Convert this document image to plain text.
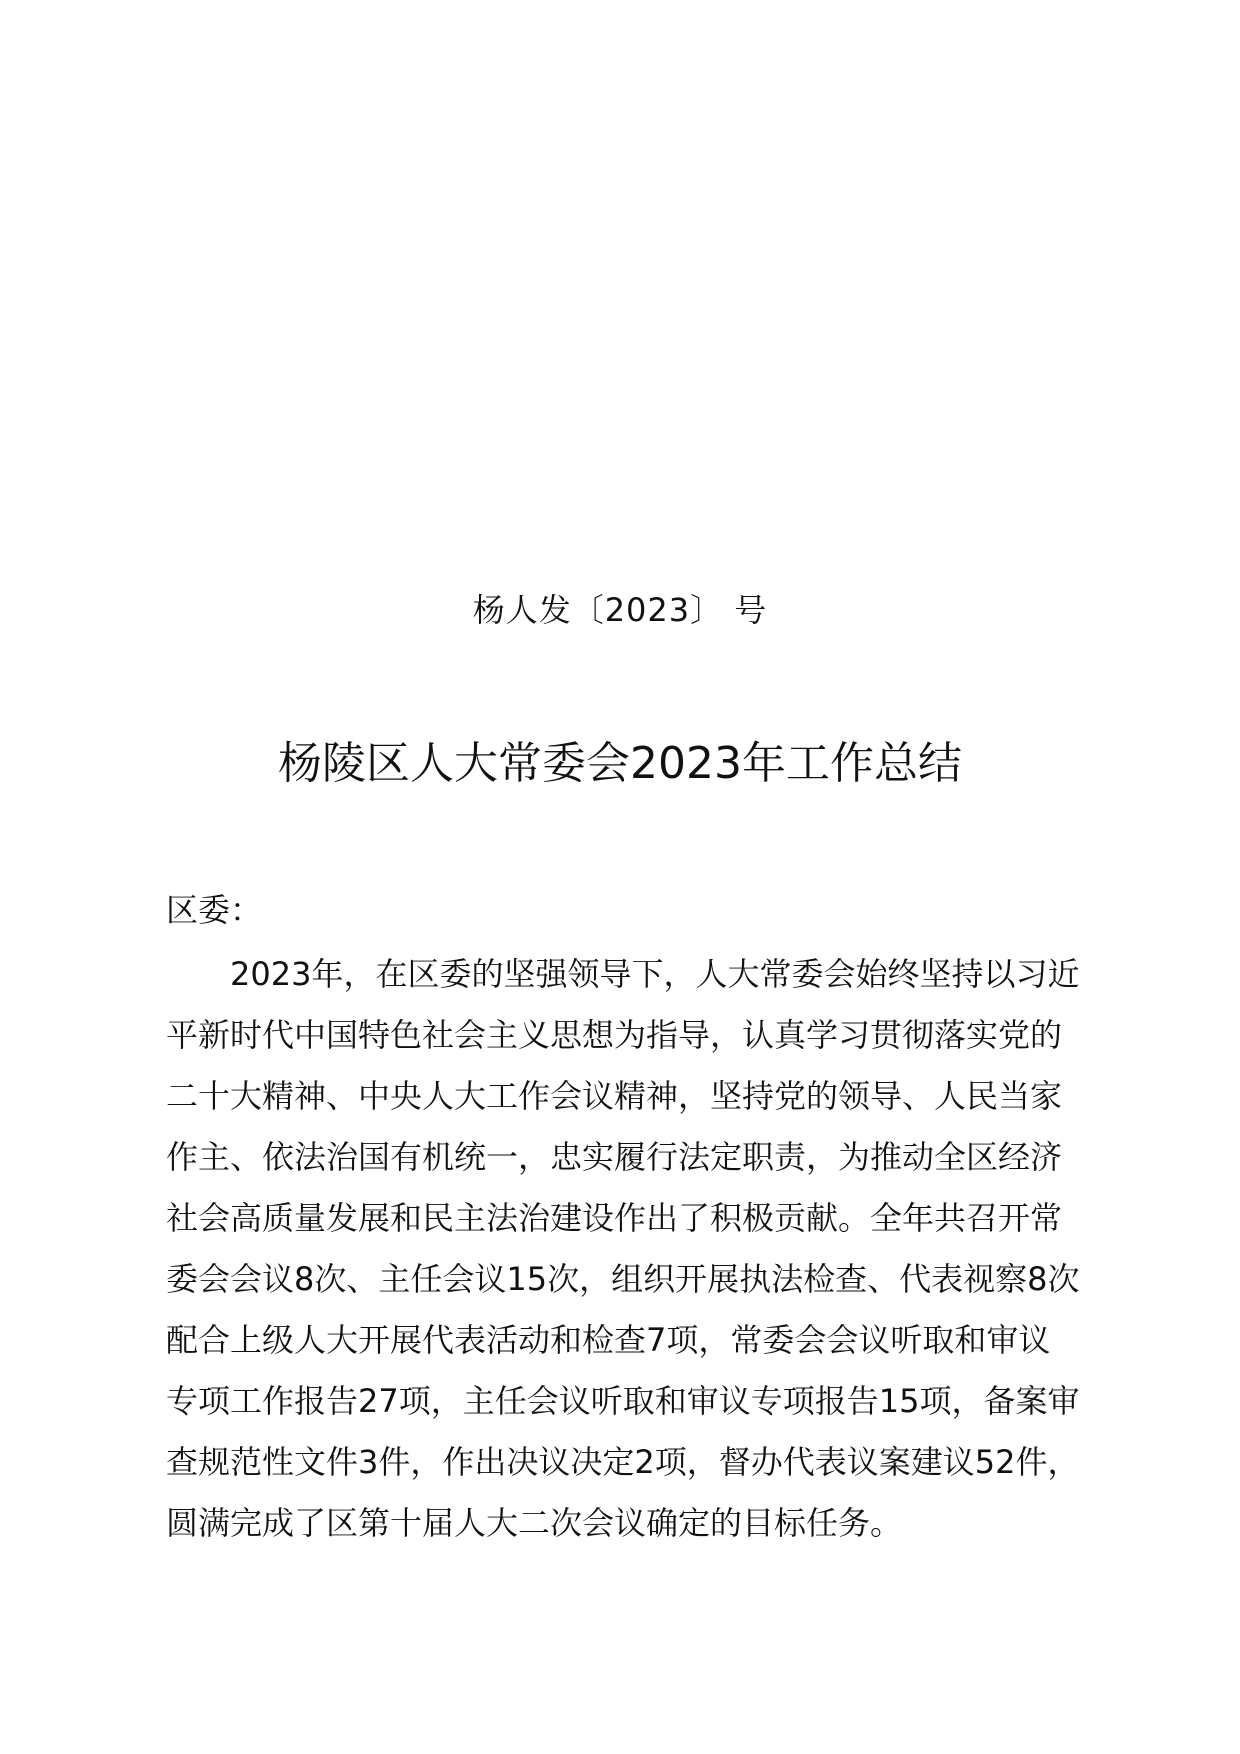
杨人发〔2023〕 号
杨陵区人大常委会2023年工作总结
区委：
2023年，在区委的坚强领导下，人大常委会始终坚持以习近
平新时代中国特色社会主义思想为指导，认真学习贯彻落实党的
二十大精神、中央人大工作会议精神，坚持党的领导、人民当家
作主、依法治国有机统一，忠实履行法定职责，为推动全区经济
社会高质量发展和民主法治建设作出了积极贡献。全年共召开常
委会会议8次、主任会议15次，组织开展执法检查、代表视察8次
配合上级人大开展代表活动和检查7项，常委会会议听取和审议
专项工作报告27项，主任会议听取和审议专项报告15项，备案审
查规范性文件3件，作出决议决定2项，督办代表议案建议52件，
圆满完成了区第十届人大二次会议确定的目标任务。
